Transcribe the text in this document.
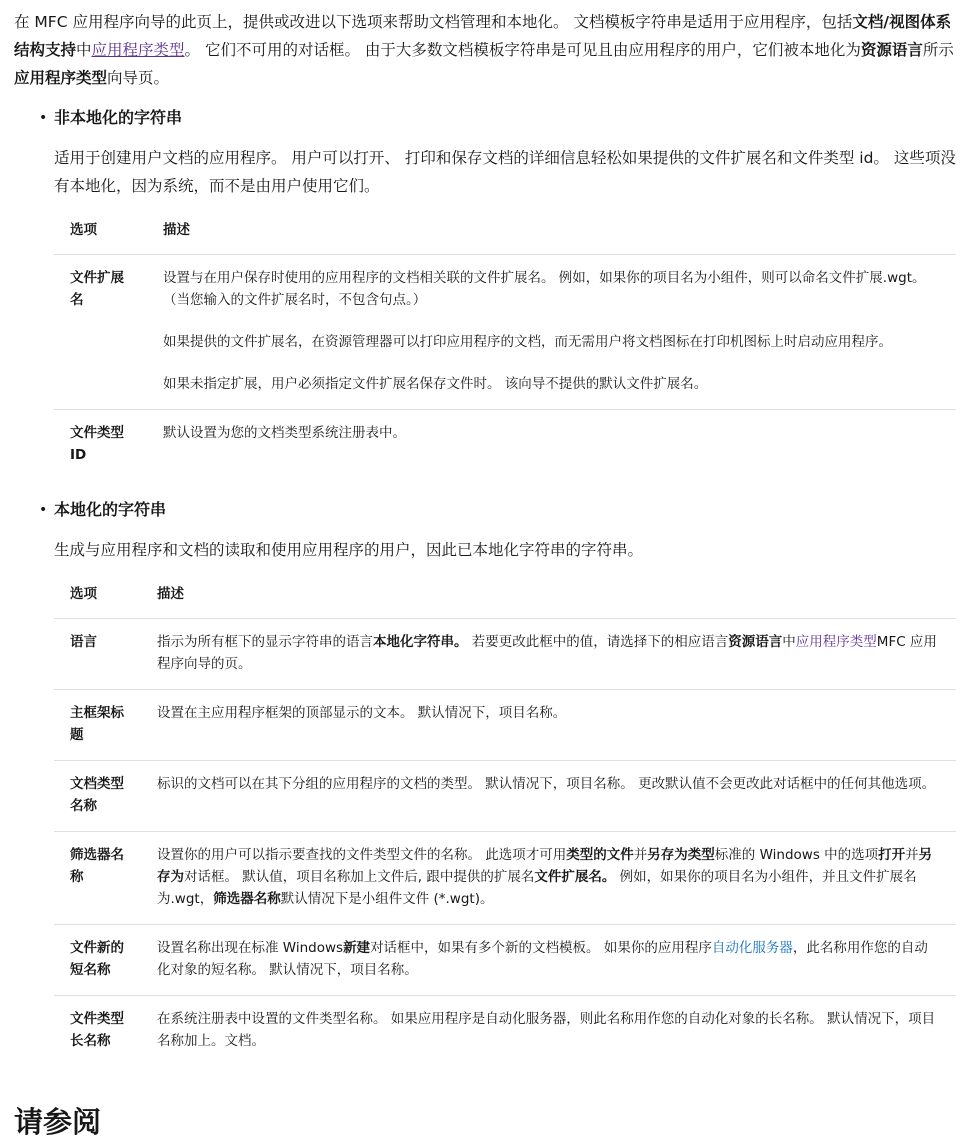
在 MFC 应用程序向导的此页上，提供或改进以下选项来帮助文档管理和本地化。 文档模板字符串是适用于应用程序，包括文档/视图体系结构支持中应用程序类型。 它们不可用的对话框。 由于大多数文档模板字符串是可见且由应用程序的用户，它们被本地化为资源语言所示应用程序类型向导页。

• 非本地化的字符串

适用于创建用户文档的应用程序。 用户可以打开、 打印和保存文档的详细信息轻松如果提供的文件扩展名和文件类型 id。 这些项没有本地化，因为系统，而不是由用户使用它们。

选项	描述
文件扩展名	设置与在用户保存时使用的应用程序的文档相关联的文件扩展名。 例如，如果你的项目名为小组件，则可以命名文件扩展.wgt。 （当您输入的文件扩展名时，不包含句点。）

如果提供的文件扩展名，在资源管理器可以打印应用程序的文档，而无需用户将文档图标在打印机图标上时启动应用程序。

如果未指定扩展，用户必须指定文件扩展名保存文件时。 该向导不提供的默认文件扩展名。

文件类型ID	默认设置为您的文档类型系统注册表中。

• 本地化的字符串

生成与应用程序和文档的读取和使用应用程序的用户，因此已本地化字符串的字符串。

选项	描述
语言	指示为所有框下的显示字符串的语言本地化字符串。 若要更改此框中的值，请选择下的相应语言资源语言中应用程序类型MFC 应用程序向导的页。

主框架标题	设置在主应用程序框架的顶部显示的文本。 默认情况下，项目名称。

文档类型名称	标识的文档可以在其下分组的应用程序的文档的类型。 默认情况下，项目名称。 更改默认值不会更改此对话框中的任何其他选项。

筛选器名称	设置你的用户可以指示要查找的文件类型文件的名称。 此选项才可用类型的文件并另存为类型标准的 Windows 中的选项打开并另存为对话框。 默认值，项目名称加上文件后, 跟中提供的扩展名文件扩展名。 例如，如果你的项目名为小组件，并且文件扩展名为.wgt，筛选器名称默认情况下是小组件文件 (*.wgt)。

文件新的短名称	设置名称出现在标准 Windows新建对话框中，如果有多个新的文档模板。 如果你的应用程序自动化服务器，此名称用作您的自动化对象的短名称。 默认情况下，项目名称。

文件类型长名称	在系统注册表中设置的文件类型名称。 如果应用程序是自动化服务器，则此名称用作您的自动化对象的长名称。 默认情况下，项目名称加上。文档。

请参阅
